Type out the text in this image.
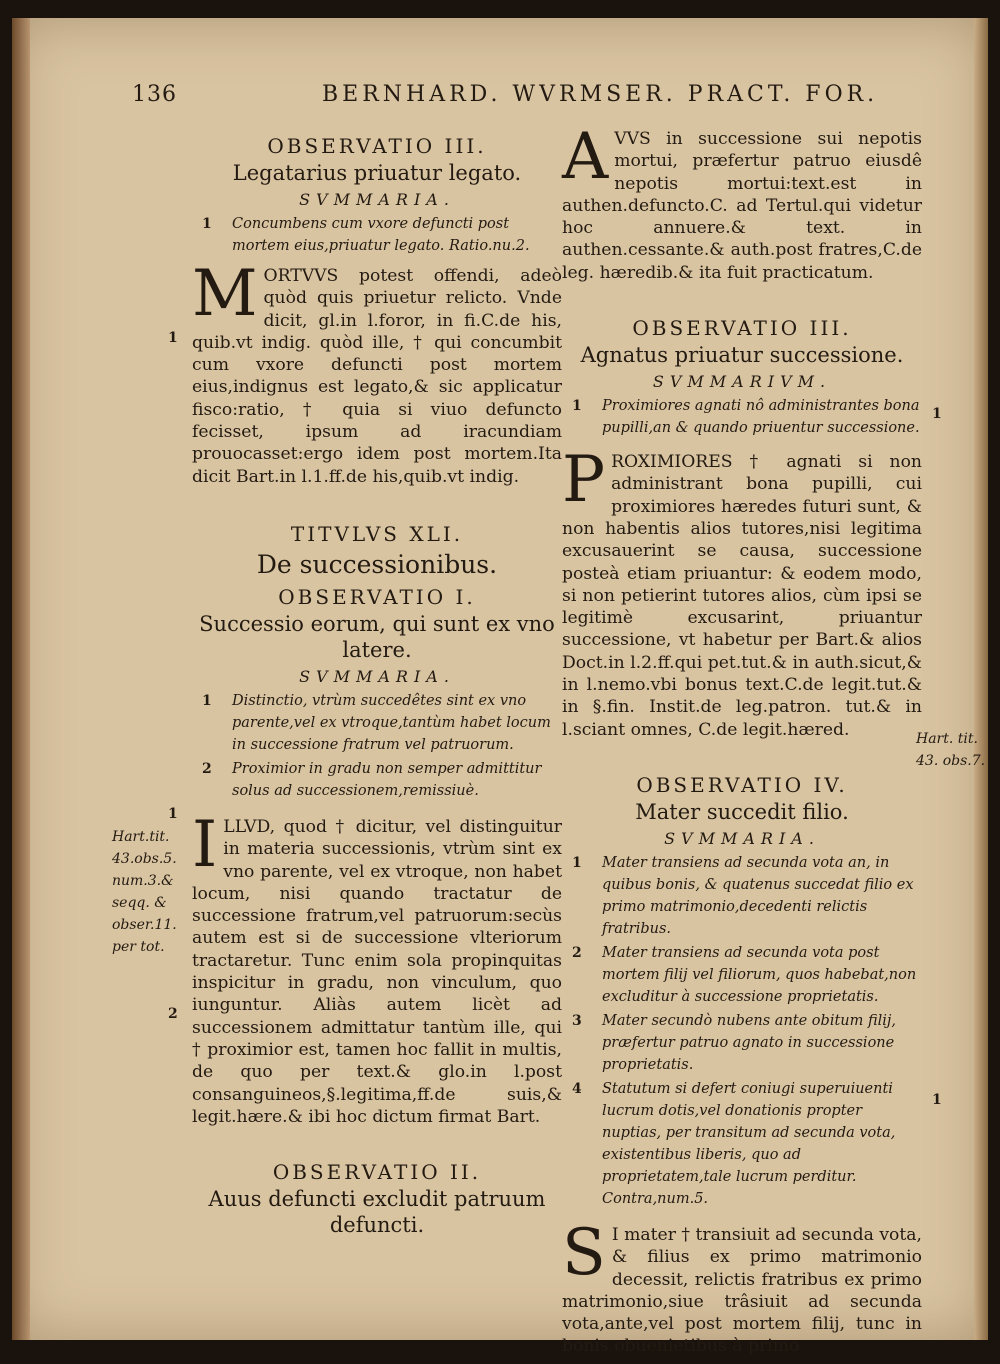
136	BERNHARD. WVRMSER. PRACT. FOR.
OBSERVATIO III.
Legatarius priuatur legato.
SVMMARIA.
1 Concumbens cum vxore defuncti post mortem eius,priuatur legato. Ratio.nu.2.
M ORTVVS potest offendi, adeò quòd quis priuetur relicto. Vnde dicit, gl.in l.foror, in fi.C.de his, quib.vt indig. quòd ille, † qui concumbit cum vxore defuncti post mortem eius,indignus est legato,& sic applicatur fisco:ratio, † quia si viuo defuncto fecisset, ipsum ad iracundiam prouocasset:ergo idem post mortem.Ita dicit Bart.in l.1.ff.de his,quib.vt indig.
TITVLVS XLI.
De successionibus.
OBSERVATIO I.
Successio eorum, qui sunt ex vno latere.
SVMMARIA.
1 Distinctio, vtrùm succedêtes sint ex vno parente,vel ex vtroque,tantùm habet locum in successione fratrum vel patruorum.
2 Proximior in gradu non semper admittitur solus ad successionem,remissiuè.
I LLVD, quod † dicitur, vel distinguitur in materia successionis, vtrùm sint ex vno parente, vel ex vtroque, non habet locum, nisi quando tractatur de successione fratrum,vel patruorum:secùs autem est si de successione vlteriorum tractaretur. Tunc enim sola propinquitas inspicitur in gradu, non vinculum, quo iunguntur. Aliàs autem licèt ad successionem admittatur tantùm ille, qui † proximior est, tamen hoc fallit in multis, de quo per text.& glo.in l.post consanguineos,§.legitima,ff.de suis,& legit.hære.& ibi hoc dictum firmat Bart.
OBSERVATIO II.
Auus defuncti excludit patruum defuncti.
1
1
2
Hart.tit. 43.obs.5. num.3.& seqq. & obser.11. per tot.
A VVS in successione sui nepotis mortui, præfertur patruo eiusdê nepotis mortui:text.est in authen.defuncto.C. ad Tertul.qui videtur hoc annuere.& text. in authen.cessante.& auth.post fratres,C.de leg. hæredib.& ita fuit practicatum.
OBSERVATIO III.
Agnatus priuatur successione.
SVMMARIVM.
1 Proximiores agnati nô administrantes bona pupilli,an & quando priuentur successione.
P ROXIMIORES † agnati si non administrant bona pupilli, cui proximiores hæredes futuri sunt, & non habentis alios tutores,nisi legitima excusauerint se causa, successione posteà etiam priuantur: & eodem modo, si non petierint tutores alios, cùm ipsi se legitimè excusarint, priuantur successione, vt habetur per Bart.& alios Doct.in l.2.ff.qui pet.tut.& in auth.sicut,& in l.nemo.vbi bonus text.C.de legit.tut.& in §.fin. Instit.de leg.patron. tut.& in l.sciant omnes, C.de legit.hæred.
OBSERVATIO IV.
Mater succedit filio.
SVMMARIA.
1 Mater transiens ad secunda vota an, in quibus bonis, & quatenus succedat filio ex primo matrimonio,decedenti relictis fratribus.
2 Mater transiens ad secunda vota post mortem filij vel filiorum, quos habebat,non excluditur à successione proprietatis.
3 Mater secundò nubens ante obitum filij, præfertur patruo agnato in successione proprietatis.
4 Statutum si defert coniugi superuiuenti lucrum dotis,vel donationis propter nuptias, per transitum ad secunda vota, existentibus liberis, quo ad proprietatem,tale lucrum perditur. Contra,num.5.
S I mater † transiuit ad secunda vota, & filius ex primo matrimonio decessit, relictis fratribus ex primo matrimonio,siue trâsiuit ad secunda vota,ante,vel post mortem filij, tunc in bonis obuenietibus à primo
1
Hart. tit. 43. obs.7.
1
